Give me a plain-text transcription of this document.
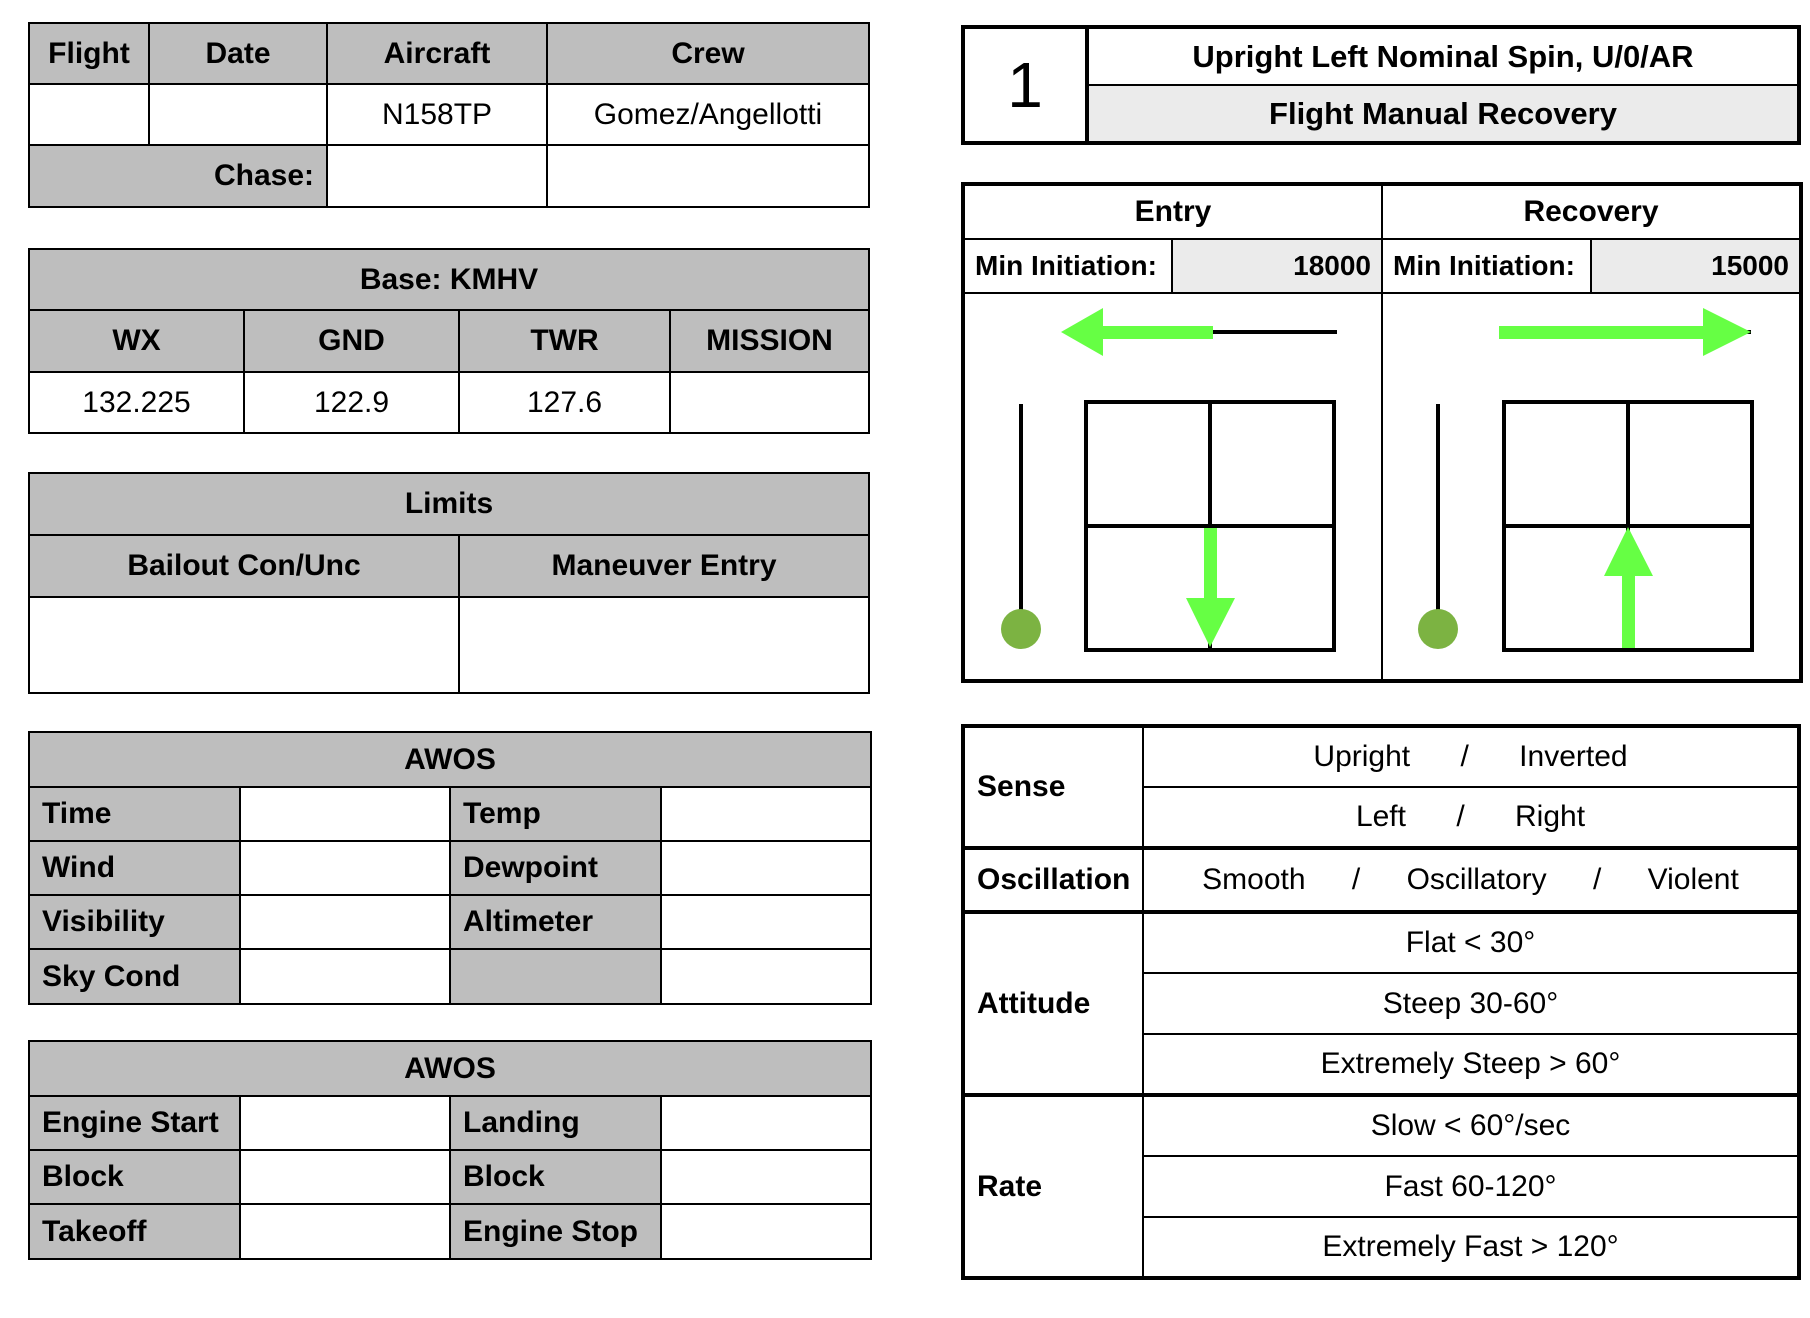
Flight	Date	Aircraft	Crew
		N158TP	Gomez/Angellotti
Chase:			
Base: KMHV			
WX	GND	TWR	MISSION
132.225	122.9	127.6	
Limits	
Bailout Con/Unc	Maneuver Entry

AWOS			
Time		Temp	
Wind		Dewpoint	
Visibility		Altimeter	
Sky Cond			
AWOS			
Engine Start		Landing	
Block		Block	
Takeoff		Engine Stop	
1	Upright Left Nominal Spin, U/0/AR
Flight Manual Recovery
Entry		Recovery	
Min Initiation:	18000	Min Initiation:	15000

Sense	Upright / Inverted
	Left / Right
Oscillation	Smooth / Oscillatory / Violent
Attitude	Flat < 30°
	Steep 30-60°
	Extremely Steep > 60°
Rate	Slow < 60°/sec
	Fast 60-120°
	Extremely Fast > 120°
